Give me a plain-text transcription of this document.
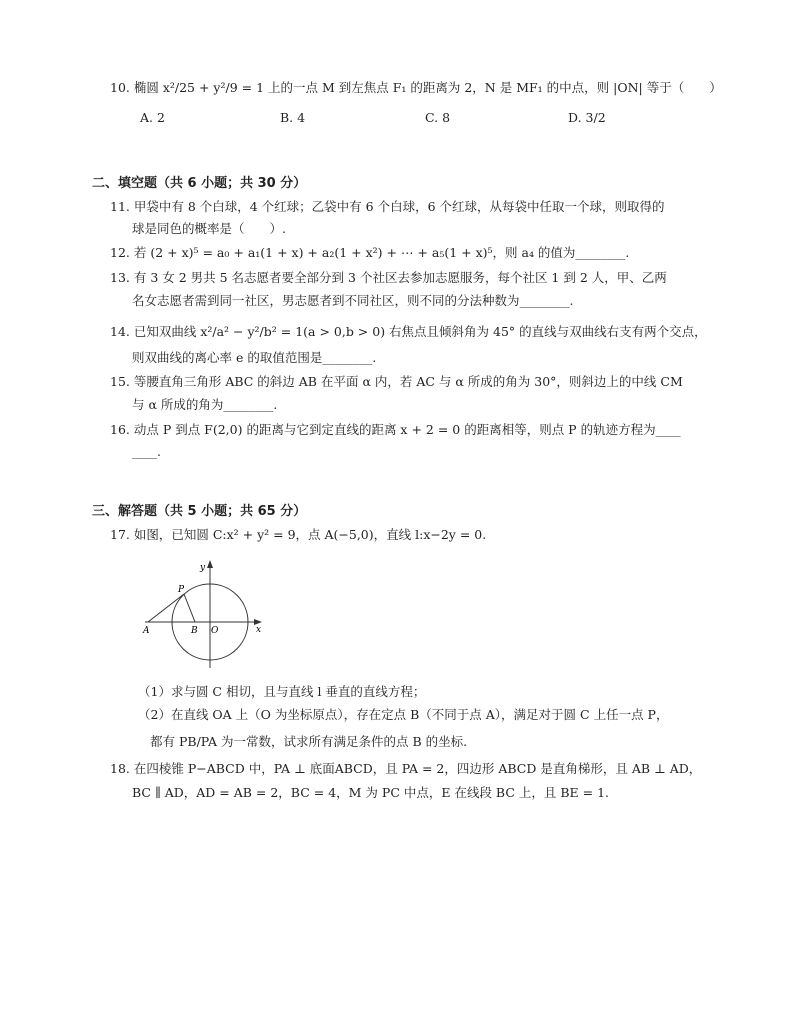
10. 椭圆 x²/25 + y²/9 = 1 上的一点 M 到左焦点 F₁ 的距离为 2，N 是 MF₁ 的中点，则 |ON| 等于（　　）
A. 2	B. 4	C. 8	D. 3/2
二、填空题（共 6 小题；共 30 分）
11. 甲袋中有 8 个白球，4 个红球；乙袋中有 6 个白球，6 个红球，从每袋中任取一个球，则取得的
球是同色的概率是（　　）.
12. 若 (2 + x)⁵ = a₀ + a₁(1 + x) + a₂(1 + x²) + ⋯ + a₅(1 + x)⁵，则 a₄ 的值为________.
13. 有 3 女 2 男共 5 名志愿者要全部分到 3 个社区去参加志愿服务，每个社区 1 到 2 人，甲、乙两
名女志愿者需到同一社区，男志愿者到不同社区，则不同的分法种数为________.
14. 已知双曲线 x²/a² − y²/b² = 1(a > 0,b > 0) 右焦点且倾斜角为 45° 的直线与双曲线右支有两个交点，
则双曲线的离心率 e 的取值范围是________.
15. 等腰直角三角形 ABC 的斜边 AB 在平面 α 内，若 AC 与 α 所成的角为 30°，则斜边上的中线 CM
与 α 所成的角为________.
16. 动点 P 到点 F(2,0) 的距离与它到定直线的距离 x + 2 = 0 的距离相等，则点 P 的轨迹方程为____
____.
三、解答题（共 5 小题；共 65 分）
17. 如图，已知圆 C:x² + y² = 9，点 A(−5,0)，直线 l:x−2y = 0.
y
x
P
A	B O
（1）求与圆 C 相切，且与直线 l 垂直的直线方程；
（2）在直线 OA 上（O 为坐标原点），存在定点 B（不同于点 A），满足对于圆 C 上任一点 P，
都有 PB/PA 为一常数，试求所有满足条件的点 B 的坐标.
18. 在四棱锥 P−ABCD 中，PA ⊥ 底面ABCD，且 PA = 2，四边形 ABCD 是直角梯形，且 AB ⊥ AD，
BC ∥ AD，AD = AB = 2，BC = 4，M 为 PC 中点，E 在线段 BC 上，且 BE = 1.
